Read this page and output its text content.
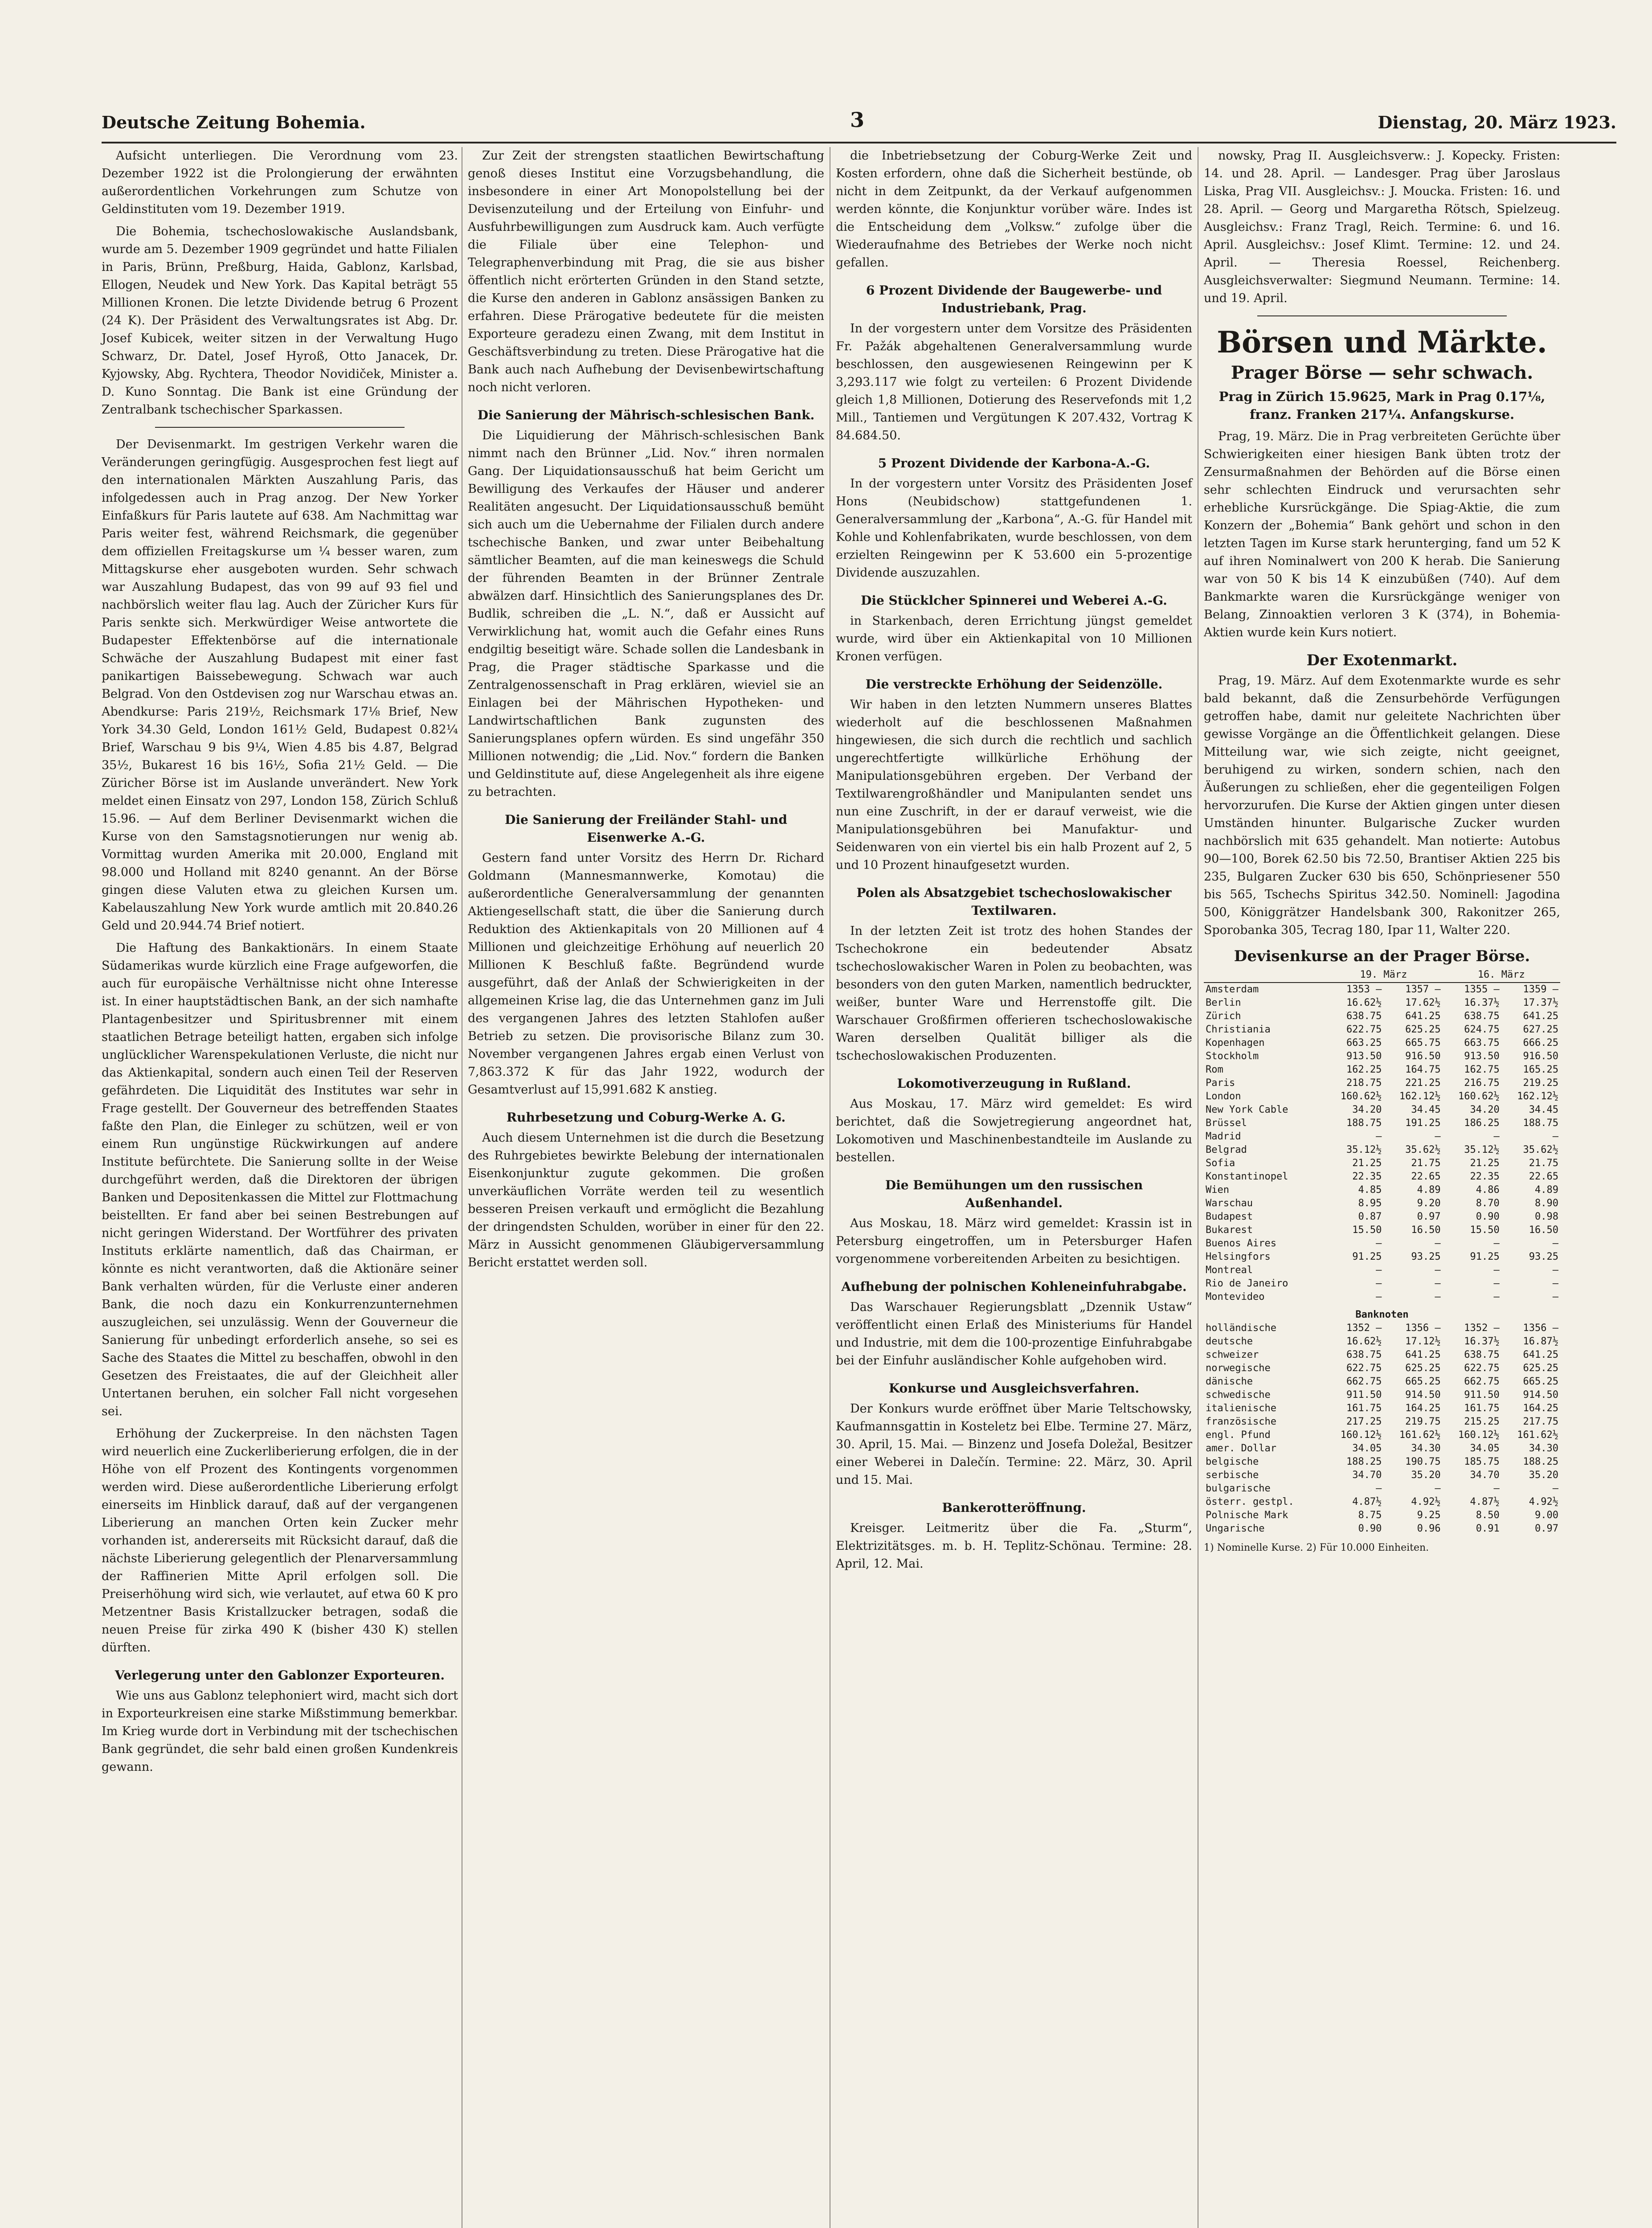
Deutsche Zeitung Bohemia.	3	Dienstag, 20. März 1923.

Aufsicht unterliegen. Die Verordnung vom 23. Dezember 1922 ist die Prolongierung der erwähnten außerordentlichen Vorkehrungen zum Schutze von Geldinstituten vom 19. Dezember 1919.

Die Bohemia, tschechoslowakische Auslandsbank, wurde am 5. Dezember 1909 gegründet und hatte Filialen in Paris, Brünn, Preßburg, Haida, Gablonz, Karlsbad, Ellogen, Neudek und New York. Das Kapital beträgt 55 Millionen Kronen. Die letzte Dividende betrug 6 Prozent (24 K). Der Präsident des Verwaltungsrates ist Abg. Dr. Josef Kubicek, weiter sitzen in der Verwaltung Hugo Schwarz, Dr. Datel, Josef Hyroß, Otto Janacek, Dr. Kyjowsky, Abg. Rychtera, Theodor Novidiček, Minister a. D. Kuno Sonntag. Die Bank ist eine Gründung der Zentralbank tschechischer Sparkassen.

Der Devisenmarkt. Im gestrigen Verkehr waren die Veränderungen geringfügig. Ausgesprochen fest liegt auf den internationalen Märkten Auszahlung Paris, das infolgedessen auch in Prag anzog. Der New Yorker Einfaßkurs für Paris lautete auf 638. Am Nachmittag war Paris weiter fest, während Reichsmark, die gegenüber dem offiziellen Freitagskurse um ¼ besser waren, zum Mittagskurse eher ausgeboten wurden. Sehr schwach war Auszahlung Budapest, das von 99 auf 93 fiel und nachbörslich weiter flau lag. Auch der Züricher Kurs für Paris senkte sich. Merkwürdiger Weise antwortete die Budapester Effektenbörse auf die internationale Schwäche der Auszahlung Budapest mit einer fast panikartigen Baissebewegung. Schwach war auch Belgrad. Von den Ostdevisen zog nur Warschau etwas an. Abendkurse: Paris 219½, Reichsmark 17⅛ Brief, New York 34.30 Geld, London 161½ Geld, Budapest 0.82¼ Brief, Warschau 9 bis 9¼, Wien 4.85 bis 4.87, Belgrad 35½, Bukarest 16 bis 16½, Sofia 21½ Geld. — Die Züricher Börse ist im Auslande unverändert. New York meldet einen Einsatz von 297, London 158, Zürich Schluß 15.96. — Auf dem Berliner Devisenmarkt wichen die Kurse von den Samstagsnotierungen nur wenig ab. Vormittag wurden Amerika mit 20.000, England mit 98.000 und Holland mit 8240 genannt. An der Börse gingen diese Valuten etwa zu gleichen Kursen um. Kabelauszahlung New York wurde amtlich mit 20.840.26 Geld und 20.944.74 Brief notiert.

Die Haftung des Bankaktionärs. In einem Staate Südamerikas wurde kürzlich eine Frage aufgeworfen, die auch für europäische Verhältnisse nicht ohne Interesse ist. In einer hauptstädtischen Bank, an der sich namhafte Plantagenbesitzer und Spiritusbrenner mit einem staatlichen Betrage beteiligt hatten, ergaben sich infolge unglücklicher Warenspekulationen Verluste, die nicht nur das Aktienkapital, sondern auch einen Teil der Reserven gefährdeten. Die Liquidität des Institutes war sehr in Frage gestellt. Der Gouverneur des betreffenden Staates faßte den Plan, die Einleger zu schützen, weil er von einem Run ungünstige Rückwirkungen auf andere Institute befürchtete. Die Sanierung sollte in der Weise durchgeführt werden, daß die Direktoren der übrigen Banken und Depositenkassen die Mittel zur Flottmachung beistellten. Er fand aber bei seinen Bestrebungen auf nicht geringen Widerstand. Der Wortführer des privaten Instituts erklärte namentlich, daß das Chairman, er könnte es nicht verantworten, daß die Aktionäre seiner Bank verhalten würden, für die Verluste einer anderen Bank, die noch dazu ein Konkurrenzunternehmen auszugleichen, sei unzulässig. Wenn der Gouverneur die Sanierung für unbedingt erforderlich ansehe, so sei es Sache des Staates die Mittel zu beschaffen, obwohl in den Gesetzen des Freistaates, die auf der Gleichheit aller Untertanen beruhen, ein solcher Fall nicht vorgesehen sei.

Erhöhung der Zuckerpreise. In den nächsten Tagen wird neuerlich eine Zuckerliberierung erfolgen, die in der Höhe von elf Prozent des Kontingents vorgenommen werden wird. Diese außerordentliche Liberierung erfolgt einerseits im Hinblick darauf, daß auf der vergangenen Liberierung an manchen Orten kein Zucker mehr vorhanden ist, andererseits mit Rücksicht darauf, daß die nächste Liberierung gelegentlich der Plenarversammlung der Raffinerien Mitte April erfolgen soll. Die Preiserhöhung wird sich, wie verlautet, auf etwa 60 K pro Metzentner Basis Kristallzucker betragen, sodaß die neuen Preise für zirka 490 K (bisher 430 K) stellen dürften.

Verlegerung unter den Gablonzer Exporteuren.

Wie uns aus Gablonz telephoniert wird, macht sich dort in Exporteurkreisen eine starke Mißstimmung bemerkbar. Im Krieg wurde dort in Verbindung mit der tschechischen Bank gegründet, die sehr bald einen großen Kundenkreis gewann.

Zur Zeit der strengsten staatlichen Bewirtschaftung genoß dieses Institut eine Vorzugsbehandlung, die insbesondere in einer Art Monopolstellung bei der Devisenzuteilung und der Erteilung von Einfuhr- und Ausfuhrbewilligungen zum Ausdruck kam. Auch verfügte die Filiale über eine Telephon- und Telegraphenverbindung mit Prag, die sie aus bisher öffentlich nicht erörterten Gründen in den Stand setzte, die Kurse den anderen in Gablonz ansässigen Banken zu erfahren. Diese Prärogative bedeutete für die meisten Exporteure geradezu einen Zwang, mit dem Institut in Geschäftsverbindung zu treten. Diese Prärogative hat die Bank auch nach Aufhebung der Devisenbewirtschaftung noch nicht verloren.

Die Sanierung der Mährisch-schlesischen Bank.

Die Liquidierung der Mährisch-schlesischen Bank nimmt nach den Brünner „Lid. Nov.“ ihren normalen Gang. Der Liquidationsausschuß hat beim Gericht um Bewilligung des Verkaufes der Häuser und anderer Realitäten angesucht. Der Liquidationsausschuß bemüht sich auch um die Uebernahme der Filialen durch andere tschechische Banken, und zwar unter Beibehaltung sämtlicher Beamten, auf die man keineswegs die Schuld der führenden Beamten in der Brünner Zentrale abwälzen darf. Hinsichtlich des Sanierungsplanes des Dr. Budlik, schreiben die „L. N.“, daß er Aussicht auf Verwirklichung hat, womit auch die Gefahr eines Runs endgiltig beseitigt wäre. Schade sollen die Landesbank in Prag, die Prager städtische Sparkasse und die Zentralgenossenschaft in Prag erklären, wieviel sie an Einlagen bei der Mährischen Hypotheken- und Landwirtschaftlichen Bank zugunsten des Sanierungsplanes opfern würden. Es sind ungefähr 350 Millionen notwendig; die „Lid. Nov.“ fordern die Banken und Geldinstitute auf, diese Angelegenheit als ihre eigene zu betrachten.

Die Sanierung der Freiländer Stahl- und Eisenwerke A.-G.

Gestern fand unter Vorsitz des Herrn Dr. Richard Goldmann (Mannesmannwerke, Komotau) die außerordentliche Generalversammlung der genannten Aktiengesellschaft statt, die über die Sanierung durch Reduktion des Aktienkapitals von 20 Millionen auf 4 Millionen und gleichzeitige Erhöhung auf neuerlich 20 Millionen K Beschluß faßte. Begründend wurde ausgeführt, daß der Anlaß der Schwierigkeiten in der allgemeinen Krise lag, die das Unternehmen ganz im Juli des vergangenen Jahres des letzten Stahlofen außer Betrieb zu setzen. Die provisorische Bilanz zum 30. November vergangenen Jahres ergab einen Verlust von 7,863.372 K für das Jahr 1922, wodurch der Gesamtverlust auf 15,991.682 K anstieg.

Ruhrbesetzung und Coburg-Werke A. G.

Auch diesem Unternehmen ist die durch die Besetzung des Ruhrgebietes bewirkte Belebung der internationalen Eisenkonjunktur zugute gekommen. Die großen unverkäuflichen Vorräte werden teil zu wesentlich besseren Preisen verkauft und ermöglicht die Bezahlung der dringendsten Schulden, worüber in einer für den 22. März in Aussicht genommenen Gläubigerversammlung Bericht erstattet werden soll.

die Inbetriebsetzung der Coburg-Werke Zeit und Kosten erfordern, ohne daß die Sicherheit bestünde, ob nicht in dem Zeitpunkt, da der Verkauf aufgenommen werden könnte, die Konjunktur vorüber wäre. Indes ist die Entscheidung dem „Volksw.“ zufolge über die Wiederaufnahme des Betriebes der Werke noch nicht gefallen.

6 Prozent Dividende der Baugewerbe- und Industriebank, Prag.

In der vorgestern unter dem Vorsitze des Präsidenten Fr. Pažák abgehaltenen Generalversammlung wurde beschlossen, den ausgewiesenen Reingewinn per K 3,293.117 wie folgt zu verteilen: 6 Prozent Dividende gleich 1,8 Millionen, Dotierung des Reservefonds mit 1,2 Mill., Tantiemen und Vergütungen K 207.432, Vortrag K 84.684.50.

5 Prozent Dividende der Karbona-A.-G.

In der vorgestern unter Vorsitz des Präsidenten Josef Hons (Neubidschow) stattgefundenen 1. Generalversammlung der „Karbona“, A.-G. für Handel mit Kohle und Kohlenfabrikaten, wurde beschlossen, von dem erzielten Reingewinn per K 53.600 ein 5-prozentige Dividende auszuzahlen.

Die Stücklcher Spinnerei und Weberei A.-G.

in Starkenbach, deren Errichtung jüngst gemeldet wurde, wird über ein Aktienkapital von 10 Millionen Kronen verfügen.

Die verstreckte Erhöhung der Seidenzölle.

Wir haben in den letzten Nummern unseres Blattes wiederholt auf die beschlossenen Maßnahmen hingewiesen, die sich durch die rechtlich und sachlich ungerechtfertigte willkürliche Erhöhung der Manipulationsgebühren ergeben. Der Verband der Textilwarengroßhändler und Manipulanten sendet uns nun eine Zuschrift, in der er darauf verweist, wie die Manipulationsgebühren bei Manufaktur- und Seidenwaren von ein viertel bis ein halb Prozent auf 2, 5 und 10 Prozent hinaufgesetzt wurden.

Polen als Absatzgebiet tschechoslowakischer Textilwaren.

In der letzten Zeit ist trotz des hohen Standes der Tschechokrone ein bedeutender Absatz tschechoslowakischer Waren in Polen zu beobachten, was besonders von den guten Marken, namentlich bedruckter, weißer, bunter Ware und Herrenstoffe gilt. Die Warschauer Großfirmen offerieren tschechoslowakische Waren derselben Qualität billiger als die tschechoslowakischen Produzenten.

Lokomotiverzeugung in Rußland.

Aus Moskau, 17. März wird gemeldet: Es wird berichtet, daß die Sowjetregierung angeordnet hat, Lokomotiven und Maschinenbestandteile im Auslande zu bestellen.

Die Bemühungen um den russischen Außenhandel.

Aus Moskau, 18. März wird gemeldet: Krassin ist in Petersburg eingetroffen, um in Petersburger Hafen vorgenommene vorbereitenden Arbeiten zu besichtigen.

Aufhebung der polnischen Kohleneinfuhrabgabe.

Das Warschauer Regierungsblatt „Dzennik Ustaw“ veröffentlicht einen Erlaß des Ministeriums für Handel und Industrie, mit dem die 100-prozentige Einfuhrabgabe bei der Einfuhr ausländischer Kohle aufgehoben wird.

Konkurse und Ausgleichsverfahren.

Der Konkurs wurde eröffnet über Marie Teltschowsky, Kaufmannsgattin in Kosteletz bei Elbe. Termine 27. März, 30. April, 15. Mai. — Binzenz und Josefa Doležal, Besitzer einer Weberei in Dalečín. Termine: 22. März, 30. April und 15. Mai.

Bankerotteröffnung.

Kreisger. Leitmeritz über die Fa. „Sturm“, Elektrizitätsges. m. b. H. Teplitz-Schönau. Termine: 28. April, 12. Mai.

nowsky, Prag II. Ausgleichsverw.: J. Kopecky. Fristen: 14. und 28. April. — Landesger. Prag über Jaroslaus Liska, Prag VII. Ausgleichsv.: J. Moucka. Fristen: 16. und 28. April. — Georg und Margaretha Rötsch, Spielzeug. Ausgleichsv.: Franz Tragl, Reich. Termine: 6. und 16. April. Ausgleichsv.: Josef Klimt. Termine: 12. und 24. April. — Theresia Roessel, Reichenberg. Ausgleichsverwalter: Siegmund Neumann. Termine: 14. und 19. April.

Börsen und Märkte.
Prager Börse — sehr schwach.
Prag in Zürich 15.9625, Mark in Prag 0.17⅛, franz. Franken 217¼. Anfangskurse.

Prag, 19. März. Die in Prag verbreiteten Gerüchte über Schwierigkeiten einer hiesigen Bank übten trotz der Zensurmaßnahmen der Behörden auf die Börse einen sehr schlechten Eindruck und verursachten sehr erhebliche Kursrückgänge. Die Spiag-Aktie, die zum Konzern der „Bohemia“ Bank gehört und schon in den letzten Tagen im Kurse stark herunterging, fand um 52 K auf ihren Nominalwert von 200 K herab. Die Sanierung war von 50 K bis 14 K einzubüßen (740). Auf dem Bankmarkte waren die Kursrückgänge weniger von Belang, Zinnoaktien verloren 3 K (374), in Bohemia-Aktien wurde kein Kurs notiert.

Der Exotenmarkt.

Prag, 19. März. Auf dem Exotenmarkte wurde es sehr bald bekannt, daß die Zensurbehörde Verfügungen getroffen habe, damit nur geleitete Nachrichten über gewisse Vorgänge an die Öffentlichkeit gelangen. Diese Mitteilung war, wie sich zeigte, nicht geeignet, beruhigend zu wirken, sondern schien, nach den Äußerungen zu schließen, eher die gegenteiligen Folgen hervorzurufen. Die Kurse der Aktien gingen unter diesen Umständen hinunter. Bulgarische Zucker wurden nachbörslich mit 635 gehandelt. Man notierte: Autobus 90—100, Borek 62.50 bis 72.50, Brantiser Aktien 225 bis 235, Bulgaren Zucker 630 bis 650, Schönpriesener 550 bis 565, Tschechs Spiritus 342.50. Nominell: Jagodina 500, Königgrätzer Handelsbank 300, Rakonitzer 265, Sporobanka 305, Tecrag 180, Ipar 11, Walter 220.

Devisenkurse an der Prager Börse.
	19. März		16. März	
Amsterdam	1353 —	1357 —	1355 —	1359 —
Berlin	16.62½	17.62½	16.37½	17.37½
Zürich	638.75	641.25	638.75	641.25
Christiania	622.75	625.25	624.75	627.25
Kopenhagen	663.25	665.75	663.75	666.25
Stockholm	913.50	916.50	913.50	916.50
Rom	162.25	164.75	162.75	165.25
Paris	218.75	221.25	216.75	219.25
London	160.62½	162.12½	160.62½	162.12½
New York Cable	34.20	34.45	34.20	34.45
Brüssel	188.75	191.25	186.25	188.75
Madrid	—	—	—	—
Belgrad	35.12½	35.62½	35.12½	35.62½
Sofia	21.25	21.75	21.25	21.75
Konstantinopel	22.35	22.65	22.35	22.65
Wien	4.85	4.89	4.86	4.89
Warschau	8.95	9.20	8.70	8.90
Budapest	0.87	0.97	0.90	0.98
Bukarest	15.50	16.50	15.50	16.50
Buenos Aires	—	—	—	—
Helsingfors	91.25	93.25	91.25	93.25
Montreal	—	—	—	—
Rio de Janeiro	—	—	—	—
Montevideo	—	—	—	—
Banknoten				
holländische	1352 —	1356 —	1352 —	1356 —
deutsche	16.62½	17.12½	16.37½	16.87½
schweizer	638.75	641.25	638.75	641.25
norwegische	622.75	625.25	622.75	625.25
dänische	662.75	665.25	662.75	665.25
schwedische	911.50	914.50	911.50	914.50
italienische	161.75	164.25	161.75	164.25
französische	217.25	219.75	215.25	217.75
engl. Pfund	160.12½	161.62½	160.12½	161.62½
amer. Dollar	34.05	34.30	34.05	34.30
belgische	188.25	190.75	185.75	188.25
serbische	34.70	35.20	34.70	35.20
bulgarische	—	—	—	—
österr. gestpl.	4.87½	4.92½	4.87½	4.92½
Polnische Mark	8.75	9.25	8.50	9.00
Ungarische	0.90	0.96	0.91	0.97
1) Nominelle Kurse. 2) Für 10.000 Einheiten.
